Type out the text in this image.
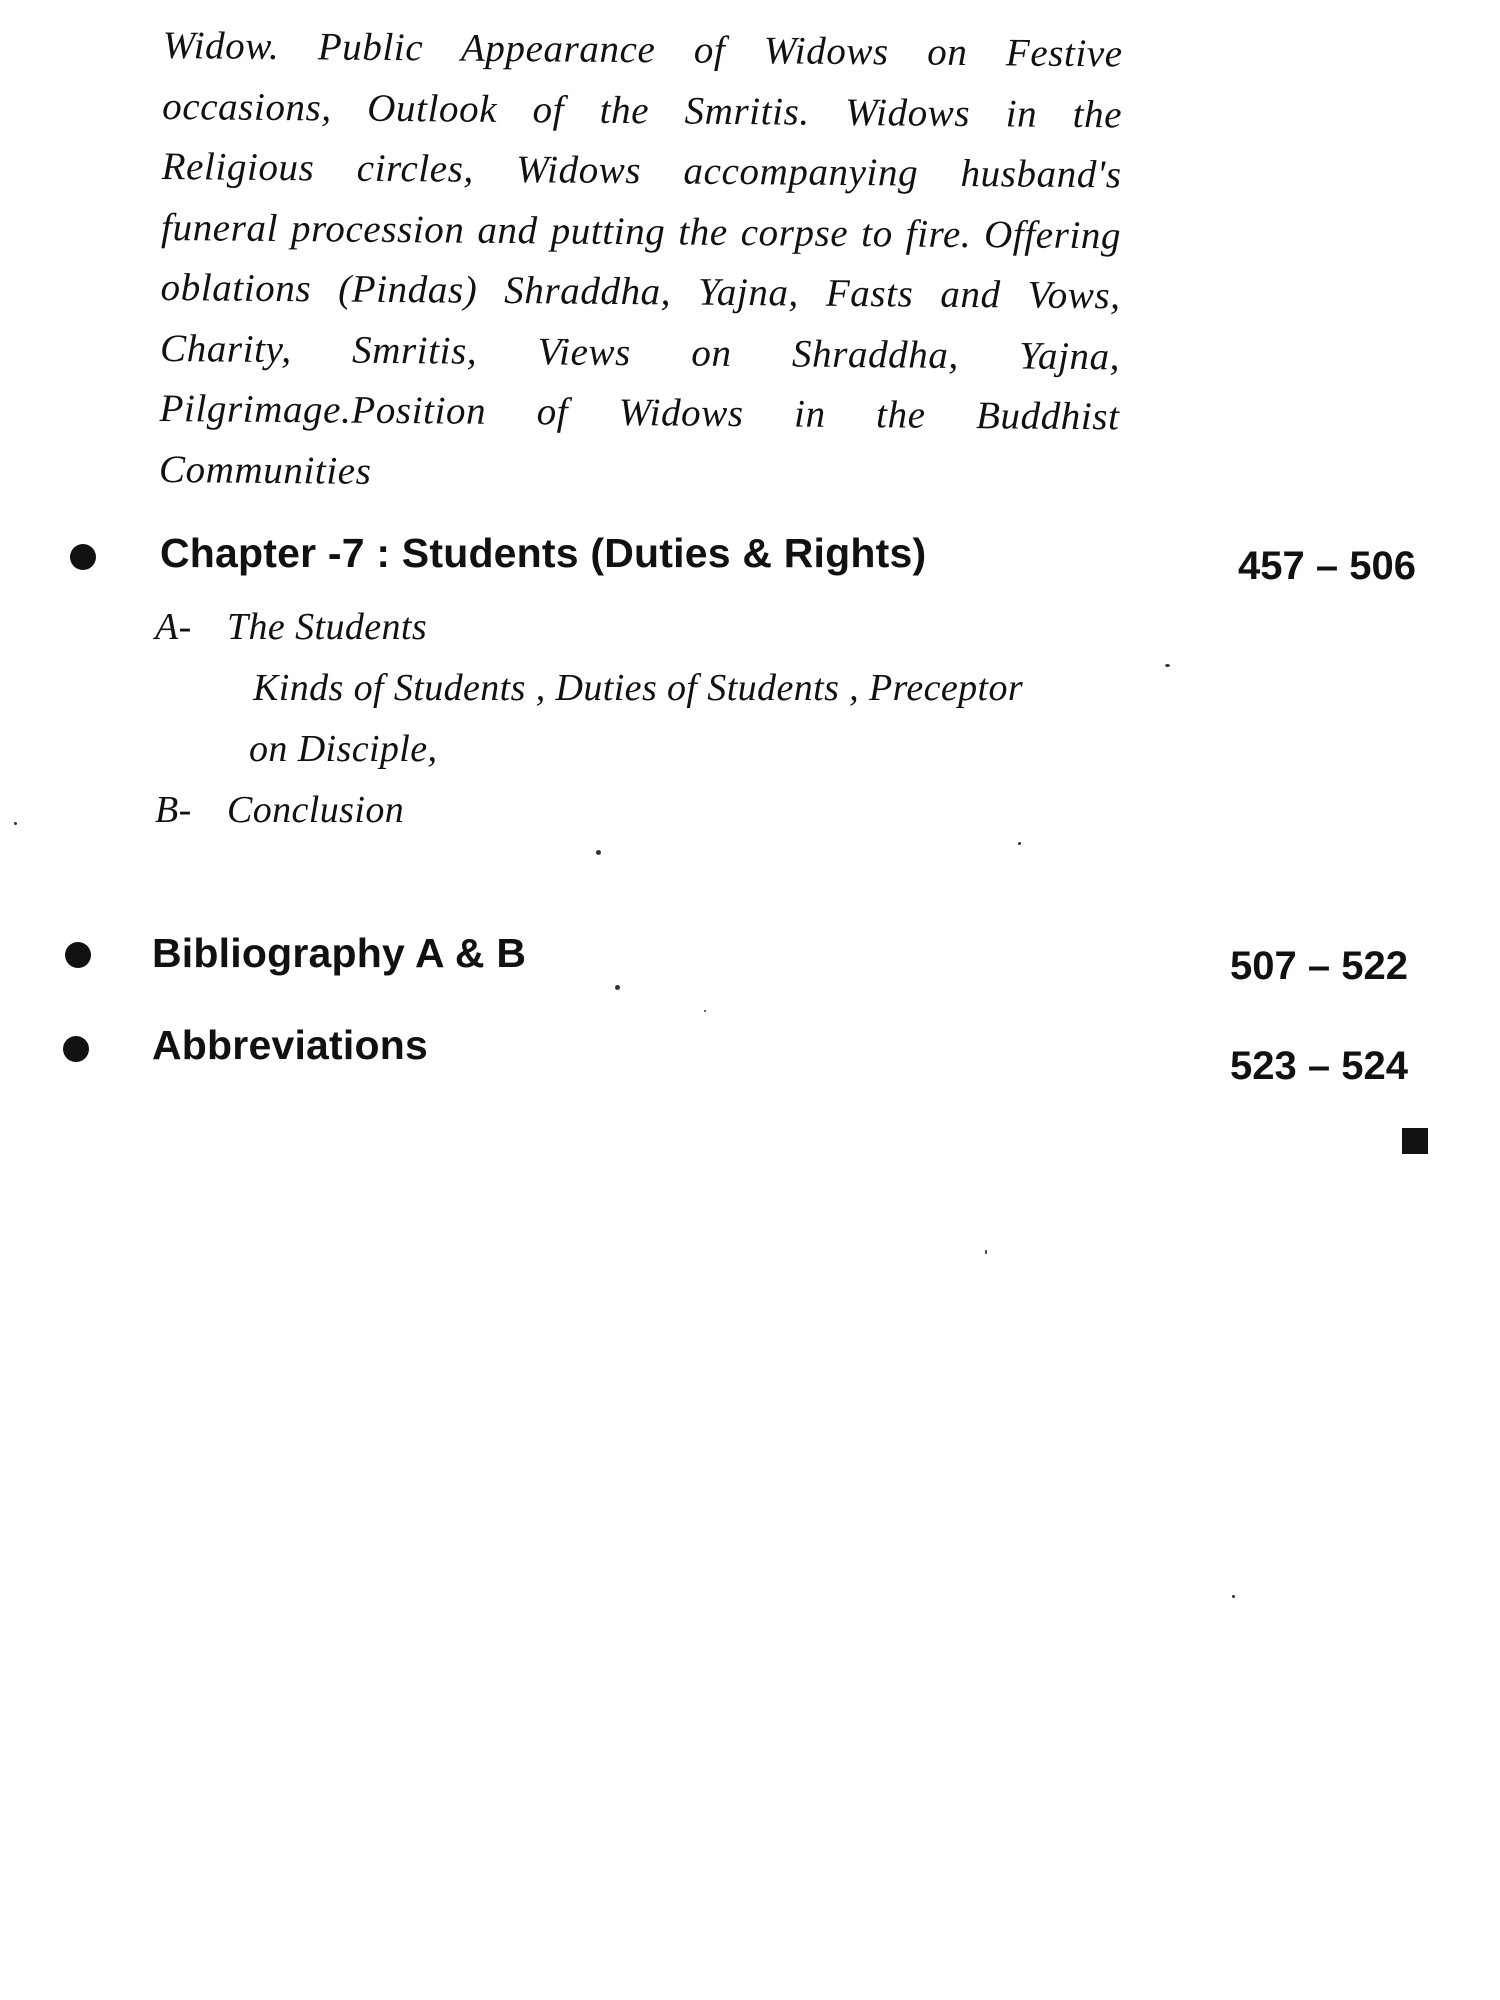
Widow. Public Appearance of Widows on Festive occasions, Outlook of the Smritis. Widows in the Religious circles, Widows accompanying husband's funeral procession and putting the corpse to fire. Offering oblations (Pindas) Shraddha, Yajna, Fasts and Vows, Charity, Smritis, Views on Shraddha, Yajna, Pilgrimage.Position of Widows in the Buddhist Communities

Chapter -7 : Students (Duties & Rights)	457 – 506
A- The Students
Kinds of Students , Duties of Students , Preceptor
on Disciple,
B- Conclusion
Bibliography A & B	507 – 522
Abbreviations	523 – 524
